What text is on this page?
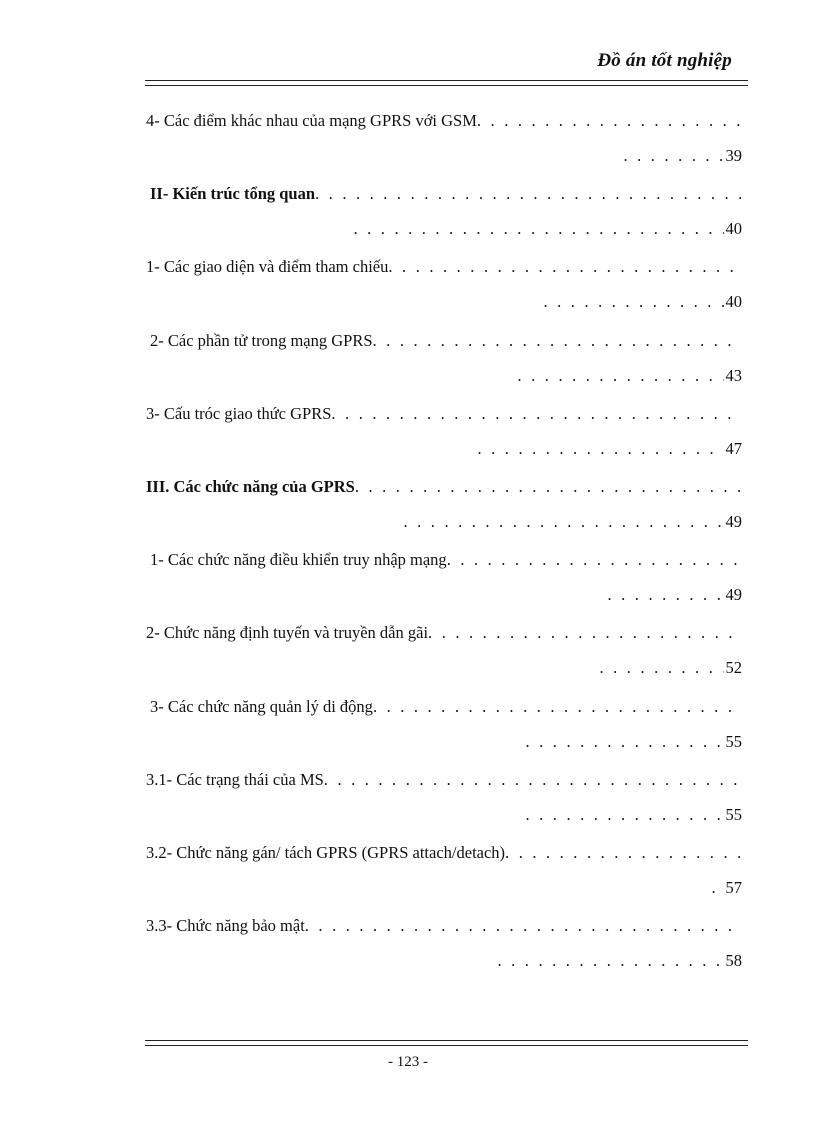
Đồ án tốt nghiệp
4- Các điểm khác nhau của mạng GPRS với GSM
. . .
. . .
39
II- Kiến trúc tổng quan
. . .
. . .
40
1- Các giao diện và điểm tham chiếu
. . .
. . .
40
2- Các phần tử trong mạng GPRS
. . .
. . .
43
3- Cấu tróc giao thức GPRS
. . .
. . .
47
III. Các chức năng của GPRS
. . .
. . .
49
1- Các chức năng điều khiển truy nhập mạng
. . .
. . .
49
2- Chức năng định tuyến và truyền dẫn gãi
. . .
. . .
52
3- Các chức năng quản lý di động
. . .
. . .
55
3.1- Các trạng thái của MS
. . .
. . .
55
3.2- Chức năng gán/ tách GPRS (GPRS attach/detach)
. . .
. . .
57
3.3- Chức năng bảo mật
. . .
. . .
58
- 123 -
